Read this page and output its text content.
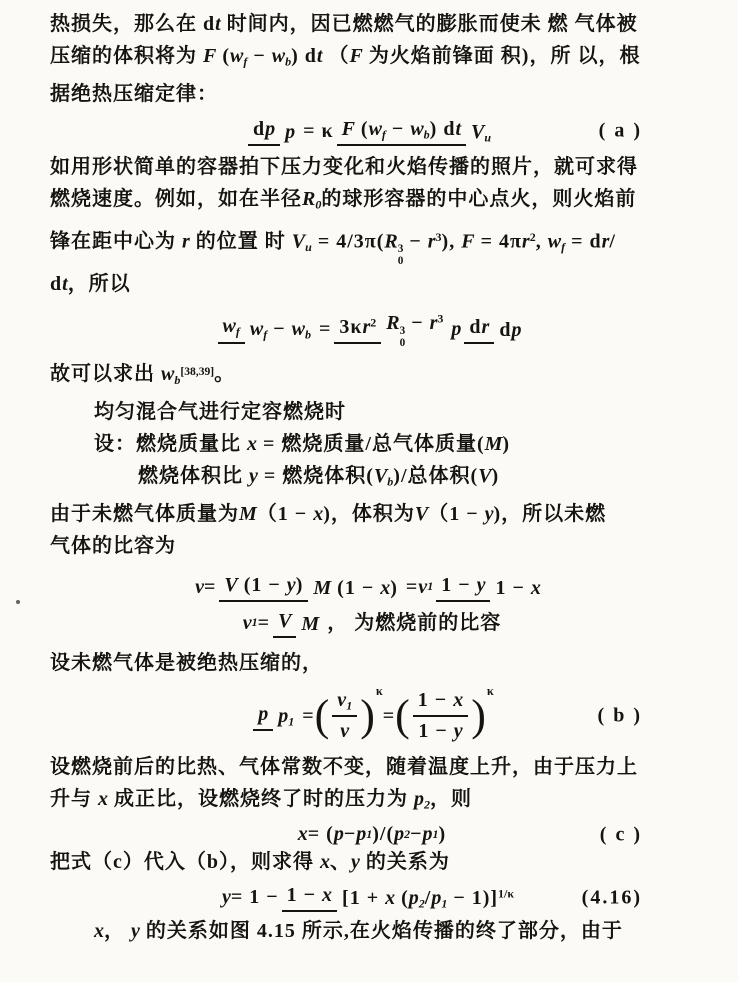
热损失，那么在 dt 时间内，因已燃燃气的膨胀而使未 燃 气体被
压缩的体积将为 F (wf − wb) dt （F 为火焰前锋面 积)，所 以，根
据绝热压缩定律：
dp p = κ F (wf − wb) dt Vu	( a )
如用形状简单的容器拍下压力变化和火焰传播的照片，就可求得
燃烧速度。例如，如在半径R0的球形容器的中心点火，则火焰前
锋在距中心为 r 的位置 时 Vu = 4/3π(R 3
0
− $r^3$), $F = 4\pi r^2$, wf = dr/
dt，所以
wf wf − wb = $3\kappa r^2$ R 3
0
− $r^3$ p dr dp
故可以求出 wb[38,39]。
均匀混合气进行定容燃烧时
设：燃烧质量比 x = 燃烧质量/总气体质量(M)
燃烧体积比 y = 燃烧体积(Vb)/总体积(V)
由于未燃气体质量为M（1 − x)，体积为V（1 − y)，所以未燃
气体的比容为
v = V (1 − y) M (1 − x) = v 1 1 − y 1 − x
v 1 = V M ， 为燃烧前的比容
设未燃气体是被绝热压缩的，
p p1 = ( $\frac{v1}{v}$ )
κ
= ( $\frac{1 - x}{1 - y}$ )
κ
( b )
设燃烧前后的比热、气体常数不变，随着温度上升，由于压力上
升与 x 成正比，设燃烧终了时的压力为 p2，则
x = ( p − p 1 )/( p 2 − p 1 )	( c )
把式（c）代入（b），则求得 x、y 的关系为
y = 1 − 1 − x [1 + x (p2/p1 − 1)]$^{1/\kappa}$	(4.16)
x， y 的关系如图 4.15 所示,在火焰传播的终了部分，由于
